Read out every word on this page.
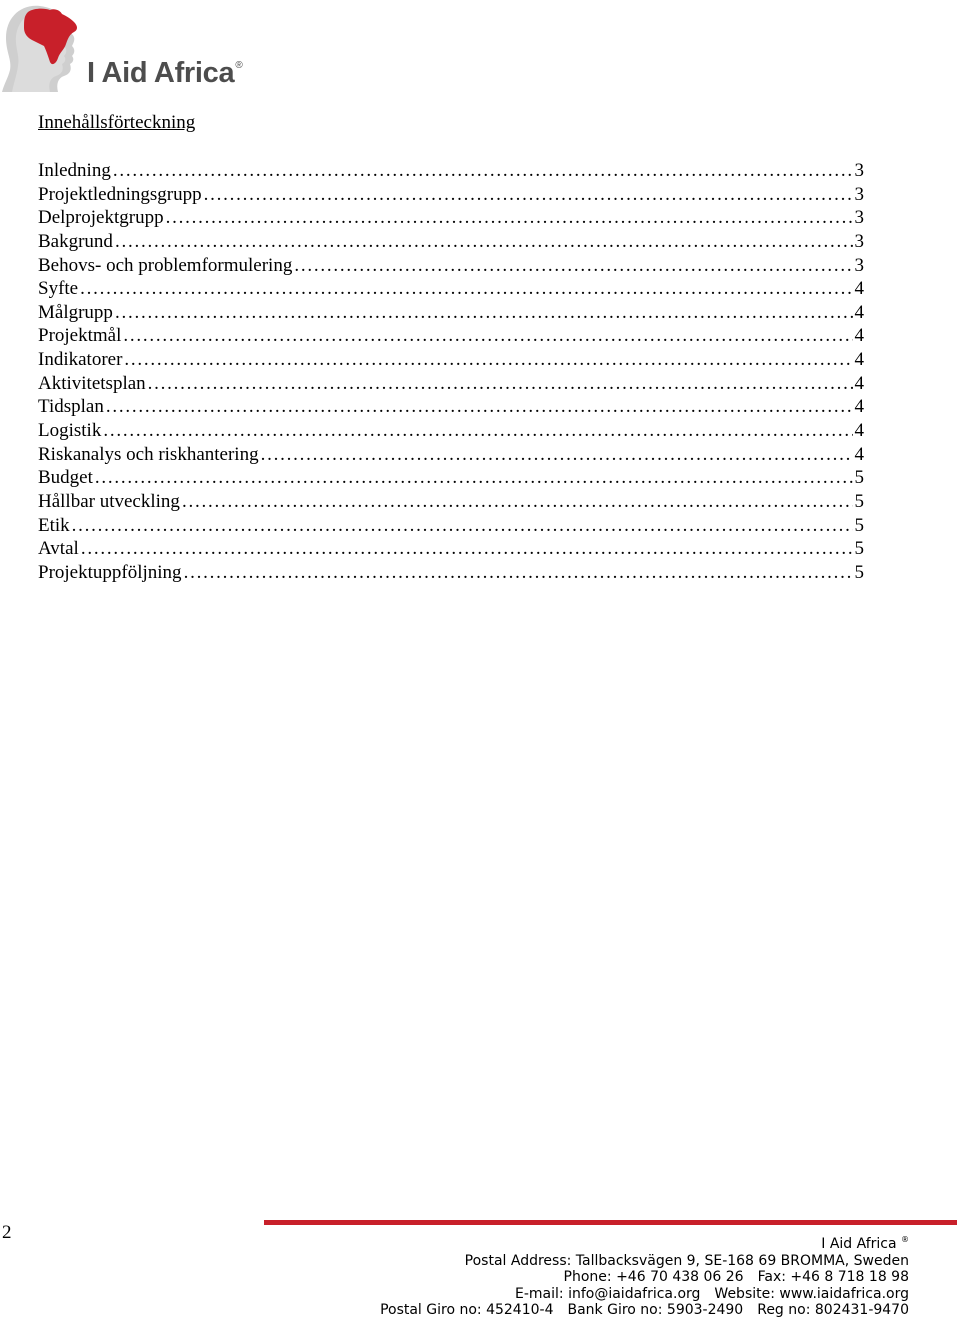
I Aid Africa®
Innehållsförteckning
Inledning . . .	3
Projektledningsgrupp . . .	3
Delprojektgrupp . . .	3
Bakgrund . . .	3
Behovs- och problemformulering . . .	3
Syfte . . .	4
Målgrupp . . .	4
Projektmål . . .	4
Indikatorer . . .	4
Aktivitetsplan . . .	4
Tidsplan . . .	4
Logistik . . .	4
Riskanalys och riskhantering . . .	4
Budget . . .	5
Hållbar utveckling . . .	5
Etik . . .	5
Avtal . . .	5
Projektuppföljning . . .	5
2
I Aid Africa ®
Postal Address: Tallbacksvägen 9, SE-168 69 BROMMA, Sweden
Phone: +46 70 438 06 26 Fax: +46 8 718 18 98
E-mail: info@iaidafrica.org Website: www.iaidafrica.org
Postal Giro no: 452410-4 Bank Giro no: 5903-2490 Reg no: 802431-9470
